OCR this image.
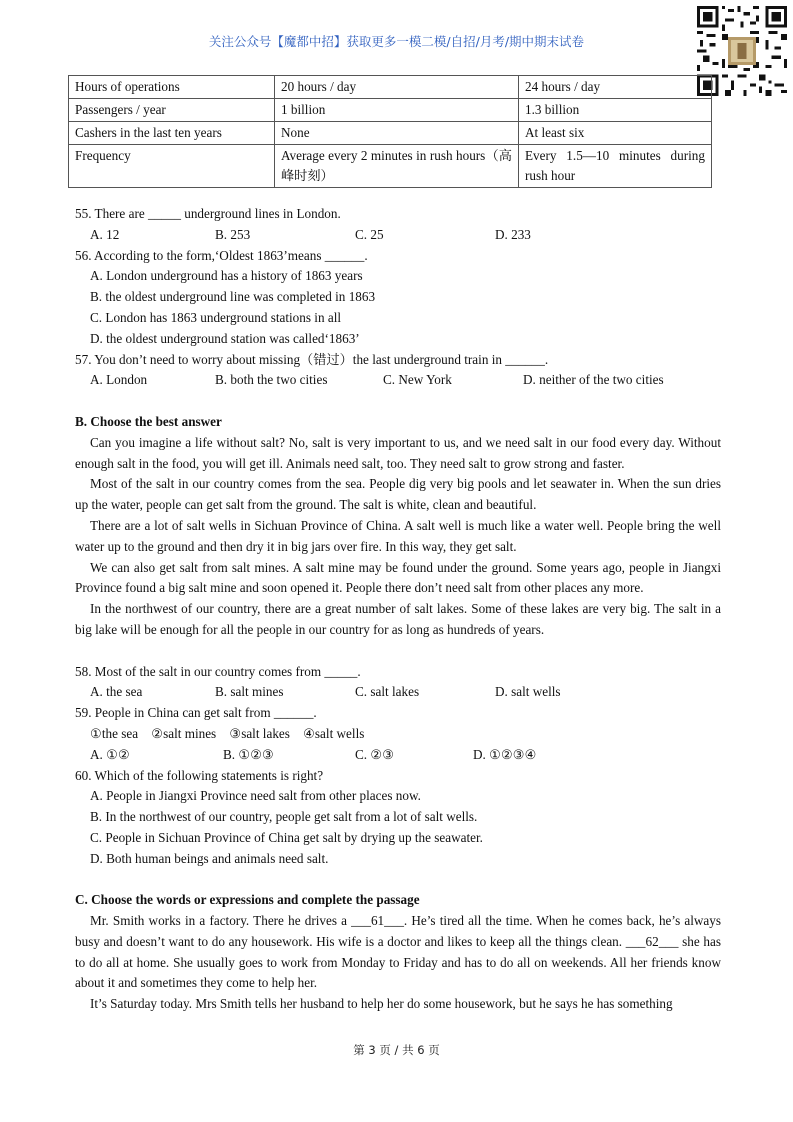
关注公众号【魔都中招】获取更多一模二模/自招/月考/期中期末试卷
Hours of operations	20 hours / day	24 hours / day
Passengers / year	1 billion	1.3 billion
Cashers in the last ten years	None	At least six
Frequency	Average every 2 minutes in rush hours（高峰时刻）	Every 1.5—10 minutes during rush hour
55. There are _____ underground lines in London.
A. 12	B. 253	C. 25	D. 233
56. According to the form,‘Oldest 1863’means ______.
A. London underground has a history of 1863 years
B. the oldest underground line was completed in 1863
C. London has 1863 underground stations in all
D. the oldest underground station was called‘1863’
57. You don’t need to worry about missing（错过）the last underground train in ______.
A. London	B. both the two cities	C. New York	D. neither of the two cities
B. Choose the best answer
Can you imagine a life without salt? No, salt is very important to us, and we need salt in our food every day. Without enough salt in the food, you will get ill. Animals need salt, too. They need salt to grow strong and faster.
Most of the salt in our country comes from the sea. People dig very big pools and let seawater in. When the sun dries up the water, people can get salt from the ground. The salt is white, clean and beautiful.
There are a lot of salt wells in Sichuan Province of China. A salt well is much like a water well. People bring the well water up to the ground and then dry it in big jars over fire. In this way, they get salt.
We can also get salt from salt mines. A salt mine may be found under the ground. Some years ago, people in Jiangxi Province found a big salt mine and soon opened it. People there don’t need salt from other places any more.
In the northwest of our country, there are a great number of salt lakes. Some of these lakes are very big. The salt in a big lake will be enough for all the people in our country for as long as hundreds of years.
58. Most of the salt in our country comes from _____.
A. the sea	B. salt mines	C. salt lakes	D. salt wells
59. People in China can get salt from ______.
①the sea　②salt mines　③salt lakes　④salt wells
A. ①②	B. ①②③	C. ②③	D. ①②③④
60. Which of the following statements is right?
A. People in Jiangxi Province need salt from other places now.
B. In the northwest of our country, people get salt from a lot of salt wells.
C. People in Sichuan Province of China get salt by drying up the seawater.
D. Both human beings and animals need salt.
C. Choose the words or expressions and complete the passage
Mr. Smith works in a factory. There he drives a ___61___. He’s tired all the time. When he comes back, he’s always busy and doesn’t want to do any housework. His wife is a doctor and likes to keep all the things clean. ___62___ she has to do all at home. She usually goes to work from Monday to Friday and has to do all on weekends. All her friends know about it and sometimes they come to help her.
It’s Saturday today. Mrs Smith tells her husband to help her do some housework, but he says he has something
第 3 页 / 共 6 页
